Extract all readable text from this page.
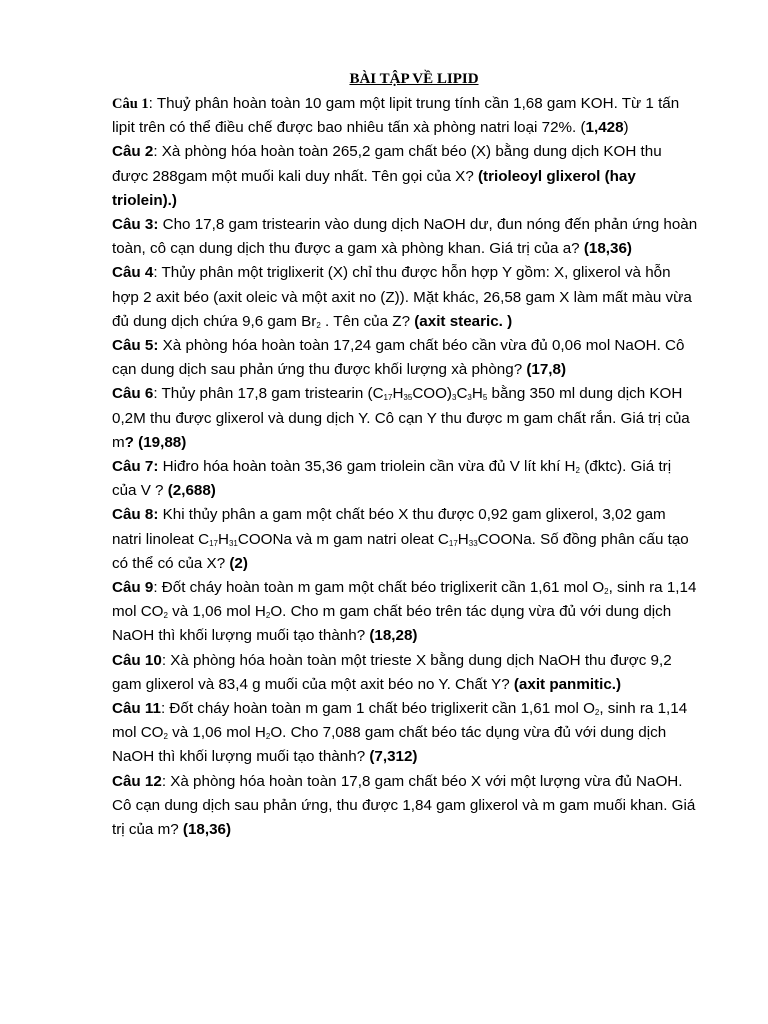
BÀI TẬP VỀ LIPID

Câu 1: Thuỷ phân hoàn toàn 10 gam một lipit trung tính cần 1,68 gam KOH. Từ 1 tấn lipit trên có thể điều chế được bao nhiêu tấn xà phòng natri loại 72%. (1,428)

Câu 2: Xà phòng hóa hoàn toàn 265,2 gam chất béo (X) bằng dung dịch KOH thu được 288gam một muối kali duy nhất. Tên gọi của X? (trioleoyl glixerol (hay triolein).)

Câu 3: Cho 17,8 gam tristearin vào dung dịch NaOH dư, đun nóng đến phản ứng hoàn toàn, cô cạn dung dịch thu được a gam xà phòng khan. Giá trị của a? (18,36)

Câu 4: Thủy phân một triglixerit (X) chỉ thu được hỗn hợp Y gồm: X, glixerol và hỗn hợp 2 axit béo (axit oleic và một axit no (Z)). Mặt khác, 26,58 gam X làm mất màu vừa đủ dung dịch chứa 9,6 gam $Br_2$ . Tên của Z? (axit stearic. )

Câu 5: Xà phòng hóa hoàn toàn 17,24 gam chất béo cần vừa đủ 0,06 mol NaOH. Cô cạn dung dịch sau phản ứng thu được khối lượng xà phòng? (17,8)

Câu 6: Thủy phân 17,8 gam tristearin $(C_{17}H_{35}COO)_3C_3H_5$ bằng 350 ml dung dịch KOH 0,2M thu được glixerol và dung dịch Y. Cô cạn Y thu được m gam chất rắn. Giá trị của m? (19,88)

Câu 7: Hiđro hóa hoàn toàn 35,36 gam triolein cần vừa đủ V lít khí $H_2$ (đktc). Giá trị của V ? (2,688)

Câu 8: Khi thủy phân a gam một chất béo X thu được 0,92 gam glixerol, 3,02 gam natri linoleat $C_{17}H_{31}COONa$ và m gam natri oleat $C_{17}H_{33}COONa$. Số đồng phân cấu tạo có thể có của X? (2)

Câu 9: Đốt cháy hoàn toàn m gam một chất béo triglixerit cần 1,61 mol $O_2$, sinh ra 1,14 mol $CO_2$ và 1,06 mol $H_2O$. Cho m gam chất béo trên tác dụng vừa đủ với dung dịch NaOH thì khối lượng muối tạo thành? (18,28)

Câu 10: Xà phòng hóa hoàn toàn một trieste X bằng dung dịch NaOH thu được 9,2 gam glixerol và 83,4 g muối của một axit béo no Y. Chất Y? (axit panmitic.)

Câu 11: Đốt cháy hoàn toàn m gam 1 chất béo triglixerit cần 1,61 mol $O_2$, sinh ra 1,14 mol $CO_2$ và 1,06 mol $H_2O$. Cho 7,088 gam chất béo tác dụng vừa đủ với dung dịch NaOH thì khối lượng muối tạo thành? (7,312)

Câu 12: Xà phòng hóa hoàn toàn 17,8 gam chất béo X với một lượng vừa đủ NaOH. Cô cạn dung dịch sau phản ứng, thu được 1,84 gam glixerol và m gam muối khan. Giá trị của m? (18,36)
